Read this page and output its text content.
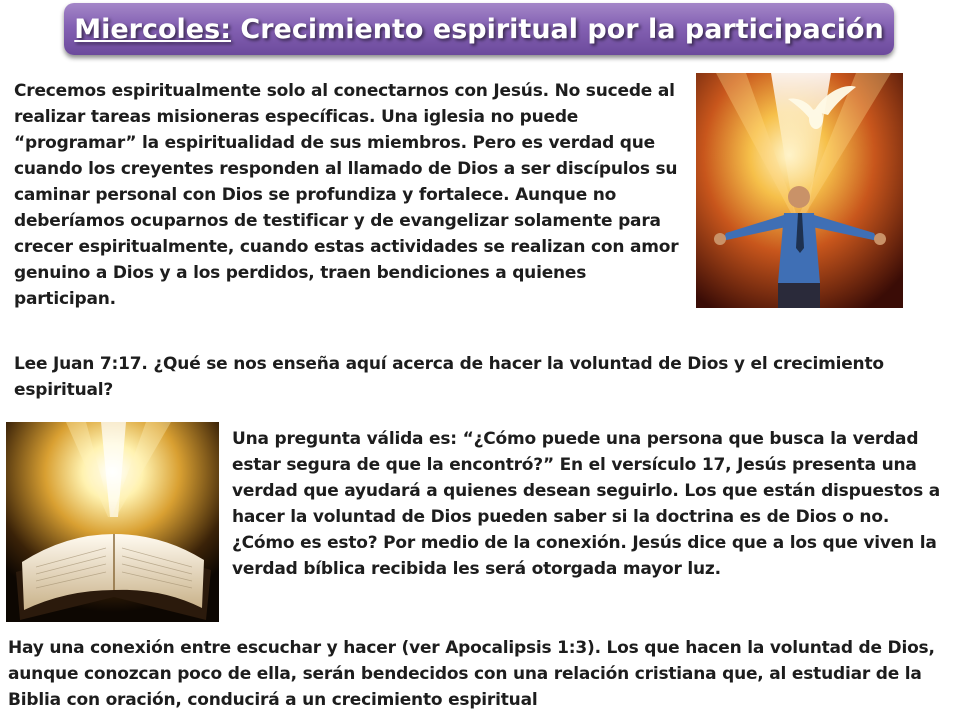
Miercoles: Crecimiento espiritual por la participación

Crecemos espiritualmente solo al conectarnos con Jesús. No sucede al realizar tareas misioneras específicas. Una iglesia no puede “programar” la espiritualidad de sus miembros. Pero es verdad que cuando los creyentes responden al llamado de Dios a ser discípulos su caminar personal con Dios se profundiza y fortalece. Aunque no deberíamos ocuparnos de testificar y de evangelizar solamente para crecer espiritualmente, cuando estas actividades se realizan con amor genuino a Dios y a los perdidos, traen bendiciones a quienes participan.

Lee Juan 7:17. ¿Qué se nos enseña aquí acerca de hacer la voluntad de Dios y el crecimiento espiritual?

Una pregunta válida es: “¿Cómo puede una persona que busca la verdad estar segura de que la encontró?” En el versículo 17, Jesús presenta una verdad que ayudará a quienes desean seguirlo. Los que están dispuestos a hacer la voluntad de Dios pueden saber si la doctrina es de Dios o no. ¿Cómo es esto? Por medio de la conexión. Jesús dice que a los que viven la verdad bíblica recibida les será otorgada mayor luz.

Hay una conexión entre escuchar y hacer (ver Apocalipsis 1:3). Los que hacen la voluntad de Dios, aunque conozcan poco de ella, serán bendecidos con una relación cristiana que, al estudiar de la Biblia con oración, conducirá a un crecimiento espiritual
